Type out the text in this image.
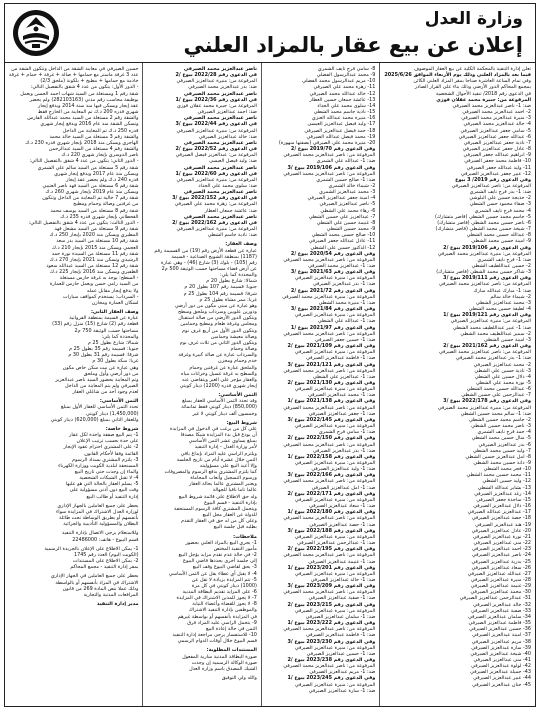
وزارة العدل
إعلان عن بيع عقار بالمزاد العلني
تعلن إدارة التنفيذ بالمحكمة الكلية عن بيع العقار الموصوف
فيما بعد بالمزاد العلني وذلك يوم الأربعاء الموافق 2025/6/26
وفي تمام الساعة العاشرة صباحا بمقر المزاد العلني الكائن
بمجمع المحاكم الدور الأرضي وذلك بناء على القرار الصادر
في الدعوى رقم 2018/ تنفيذ الأحوال الشخصية
المرفوعة من: جبيرة محمد عقلان فوزي
ضد: 1- ناصر عبدالعزيز محمد الصيرفي
2- احمد عبدالعزيز محمد الصيرفي
3- منيرة عبدالعزيز محمد الصيرفي
4- خالد عبدالعزيز محمد الصيرفي
5- سامي جعفر عبدالعزيز الصيرفي
6- عبدالله جعفر عبدالعزيز الصيرفي
7- نادية جعفر عبدالعزيز الصيرفي
8- عادل جعفر عبدالعزيز الصيرفي
9- ابراهيم عبدالله جعفر الصيرفي
10- فاطمة محمد جعفر الصيرفي
11- وليد عبدالله جعفر الصيرفي
12- عبير جعفر عبدالعزيز الصيرفي
وفي الدعوى رقم 2019/ 3 بيوع
المرفوعة من: ناصر عبدالعزيز الصيرفي
ضد: 1- بدر فرج نايف الشمري
2- خديجة حسين علي البلوشي
3- صفاء محمود حسن الشطي
4- محمد فرج نايف الشمري
5- جاسم محمد حسين الشطي (قاصر متشارك)
6- ناصر حسين محمد الشطي (قاصر متشارك)
7- شيخة حسين محمد الشطي (قاصر متشارك)
8- عبدالله حسين محمد الشطي
9- امينة حسين محمد الشطي
وفي الدعوى رقم 2019/106 بيوع /2
المرفوعة من: منيرة عبدالعزيز محمد الصيرفي
ضد: 1- فرج نايف الشمري
2- حسين عبداللطيف الشطي
3- شاكر حسين محمد الشطي (قاصر متشارك)
وفي الدعوى رقم 2019/111 بيوع /3
المرفوعة من: ناصر عبدالعزيز محمد الصيرفي
ضد: 1- مبارك عبدالله مبارك
2- شيماء خالد سالم
3- محمد عبدالعزيز الشطي
4- لطيفة حسين محمد الشطي
وفي الدعوى رقم 2019/121 بيوع /1
المرفوعة من: منيرة عبدالعزيز الصيرفي
ضد: 1- عبير عبداللطيف محمد الشطي
2- سمير عبداللطيف محمد الشطي
3- امينة حسين الشطي
وفي الدعوى رقم 2021/162 بيوع /2
المرفوعة من: ناصر عبدالعزيز محمد الصيرفي
ضد: 1- بدر عبدالعزيز محمد الصيرفي
2- محمد عبدالعزيز الصيرفي
3- نادية حسين علي الشطي
4- دلال حسين علي الشطي
5- نورة محمد علي الشطي
6- عبدالله حسين محمد الشطي
7- عبدالرحمن علي حسين الشطي
وفي الدعوى رقم 2022/178 بيوع /3
المرفوعة من: منيرة عبدالعزيز محمد الصيرفي
ضد: 1- سالم محمد حسين الشطي
2- جاسم محمد حسين الشطي
3- ناصر محمد حسين الشطي
4- حمد فرج نايف الشمري
5- منال حسين محمد الشطي
6- بدر عبدالعزيز الصيرفي
7- وليد حسين محمد الشطي
8- امل عبدالعزيز حسين الشطي
9- دانة حسين محمد الشطي
10- فجر محمد الشطي
11- محمد حسين محمد الشطي
12- وليد حسين الشطي
13- بشاير عبدالله الشطي
14- رغد عبدالعزيز الصيرفي
15- ساجدة جعفر الصيرفي
16- دلال عبدالعزيز الصيرفي
17- عبدالعزيز عبدالله الصيرفي
18- حصة عبدالعزيز الصيرفي
19- هند عبدالعزيز الصيرفي
20- عادل عبدالعزيز الصيرفي
21- نورة عبدالعزيز الصيرفي
22- منى عبدالعزيز الصيرفي
23- احمد عبدالعزيز الصيرفي
24- ناصر عبدالعزيز الصيرفي
25- بدرية عبدالعزيز الصيرفي
26- سعاد عبدالعزيز الصيرفي
27- عبدالله عبدالعزيز الصيرفي
28- منيرة عبدالعزيز الصيرفي
29- غنيمة عبدالعزيز الصيرفي
30- محمد عبدالعزيز الصيرفي
31- عبدالرحمن عبدالعزيز الصيرفي
32- خالد عبدالعزيز الصيرفي
33- صفية عبدالعزيز الصيرفي
34- سلمان عبدالعزيز الصيرفي
35- فاطمة عبدالعزيز الصيرفي
36- حسين عبدالعزيز الصيرفي
37- امينة عبدالعزيز الصيرفي
38- مريم عبدالعزيز الصيرفي
39- سارة عبدالعزيز الصيرفي
40- شيخة عبدالعزيز الصيرفي
41- منى عبدالعزيز الصيرفي
42- لولوة عبدالعزيز الصيرفي
43- جميلة عبدالعزيز الصيرفي
44- عبير عبدالعزيز الصيرفي
45- حنان عبدالعزيز الصيرفي
8- سامي فرج نايف الشمري
9- محمد عبدالرسول الفضلي
10- مريم عبدالرسول محمد الفضلي
11- زهرة محمد علي الصيرفي
12- خالد عبدالله محمد الصيرفي
13- عائشة جمعان حسين العطار
14- سلوى محمد علي الحداد
15- نادية جاسم محمد الشطي
16- منيرة محمد عبدالله العنزي
17- وليد فيصل عبدالعزيز العيسى
18- حمد فيصل عبدالعزيز الصيرفي
19- محمد فيصل عبدالله الصيرفي
20- منيرة محمد علي الصيرفي (بصفتها منهورة)
وفي الدعوى رقم 2019/70 بيوع /2
المرفوعة من: ناصر عبدالعزيز محمد الصيرفي
ضد: 1- عبدالله علي الشمري
وفي الدعوى رقم 2019/106 بيوع /3
المرفوعة من: ناصر عبدالعزيز محمد الصيرفي
ضد: 1- صالح حسين الشمري
2- شيماء خالد الشمري
3- محمد عبدالعزيز الشمري
4- امينة جعفر عبدالعزيز الصيرفي
5- ناصر عبدالعزيز الصيرفي
6- رهاء محمد علي الشطي
7- عبدالعزيز علي حسين الشطي
8- غنيمة حسين علي الشطي
9- محمد حسين الشطي
10- صالح حسين محمد الشطي
11- عادل عبدالله جعفر الصيرفي
12- الدكتور حسين علي الشطي
وفي الدعوى رقم 2020/54 بيوع /2
المرفوعة من: ناصر عبدالعزيز محمد الصيرفي
ضد: 1- عبدالعزيز محمد الصيرفي
وفي الدعوى رقم 2021/63 بيوع /3
المرفوعة من: منيرة عبدالعزيز الصيرفي
ضد: 1- بدر عبدالعزيز الصيرفي
وفي الدعوى رقم 2021/72 بيوع /2
المرفوعة من: منيرة عبدالعزيز محمد الصيرفي
ضد: 1- منيرة محمد الشطي
وفي الدعوى رقم 2021/84 بيوع /3
المرفوعة من: منيرة عبدالعزيز الصيرفي
ضد: 1- عبدالله علي الشطي
وفي الدعوى رقم 2021/97 بيوع /1
المرفوعة من: ناصر عبدالعزيز محمد الصيرفي
ضد: 1- حسين جعفر الصيرفي
وفي الدعوى رقم 2021/109 بيوع /2
المرفوعة من: منيرة عبدالعزيز الصيرفي
ضد: 1- فاطمة عبدالعزيز الصيرفي
وفي الدعوى رقم 2021/121 بيوع /3
المرفوعة من: ناصر عبدالعزيز محمد الصيرفي
ضد: 1- عبدالعزيز علي الشطي
وفي الدعوى رقم 2021/130 بيوع /2
المرفوعة من: منيرة عبدالعزيز الصيرفي
ضد: 1- محمد عبدالعزيز الصيرفي
وفي الدعوى رقم 2021/138 بيوع /1
المرفوعة من: ناصر عبدالعزيز محمد الصيرفي
ضد: 1- جعفر عبدالعزيز الصيرفي
وفي الدعوى رقم 2022/145 بيوع /3
المرفوعة من: منيرة عبدالعزيز الصيرفي
ضد: 1- سامي فرج الشمري
وفي الدعوى رقم 2022/150 بيوع /2
المرفوعة من: ناصر عبدالعزيز محمد الصيرفي
ضد: 1- بدر عبدالعزيز الصيرفي
وفي الدعوى رقم 2022/158 بيوع /1
المرفوعة من: منيرة عبدالعزيز الصيرفي
ضد: 1- وليد عبدالعزيز الصيرفي
وفي الدعوى رقم 2022/166 بيوع /3
المرفوعة من: ناصر عبدالعزيز محمد الصيرفي
ضد: 1- امل عبدالعزيز الصيرفي
وفي الدعوى رقم 2022/171 بيوع /2
المرفوعة من: منيرة عبدالعزيز الصيرفي
ضد: 1- سعاد عبدالعزيز الصيرفي
وفي الدعوى رقم 2022/180 بيوع /1
المرفوعة من: ناصر عبدالعزيز محمد الصيرفي
ضد: 1- حصة عبدالعزيز الصيرفي
وفي الدعوى رقم 2022/188 بيوع /3
المرفوعة من: منيرة عبدالعزيز الصيرفي
ضد: 1- عبدالرحمن عبدالعزيز الصيرفي
وفي الدعوى رقم 2022/195 بيوع /2
المرفوعة من: ناصر عبدالعزيز محمد الصيرفي
ضد: 1- غنيمة عبدالعزيز الصيرفي
وفي الدعوى رقم 2023/201 بيوع /1
المرفوعة من: منيرة عبدالعزيز الصيرفي
ضد: 1- خالد عبدالعزيز الصيرفي
وفي الدعوى رقم 2023/209 بيوع /3
المرفوعة من: ناصر عبدالعزيز محمد الصيرفي
ضد: 1- صفية عبدالعزيز الصيرفي
وفي الدعوى رقم 2023/215 بيوع /2
المرفوعة من: منيرة عبدالعزيز الصيرفي
ضد: 1- سلمان عبدالعزيز الصيرفي
وفي الدعوى رقم 2023/222 بيوع /1
المرفوعة من: ناصر عبدالعزيز محمد الصيرفي
ضد: 1- فاطمة عبدالعزيز الصيرفي
وفي الدعوى رقم 2023/230 بيوع /3
المرفوعة من: منيرة عبدالعزيز الصيرفي
ضد: 1- حسين عبدالعزيز الصيرفي
وفي الدعوى رقم 2023/238 بيوع /2
المرفوعة من: ناصر عبدالعزيز محمد الصيرفي
ضد: 1- مريم عبدالعزيز الصيرفي
وفي الدعوى رقم 2023/245 بيوع /1
المرفوعة من: منيرة عبدالعزيز الصيرفي
ضد: 1- سارة عبدالعزيز الصيرفي
ناصر عبدالعزيز محمد الصيرفي
في الدعوى رقم 2022/28 بيوع /2
المرفوعة من: منيرة عبدالعزيز الصيرفي
ضد: بدر عبدالعزيز محمد الصيرفي
ناصر عبدالعزيز محمد الصيرفي
في الدعوى رقم 2022/36 بيوع /1
المرفوعة من: جبيرة محمد عقلان فوزي
ضد: احمد عبدالعزيز الصيرفي
ناصر عبدالعزيز محمد الصيرفي
في الدعوى رقم 2022/44 بيوع /3
المرفوعة من: منيرة عبدالعزيز الصيرفي
ضد: خالد عبدالعزيز الصيرفي
ناصر عبدالعزيز محمد الصيرفي
في الدعوى رقم 2022/52 بيوع /2
المرفوعة من: عبدالعزيز فيصل الصيرفي
ضد: وليد فيصل العيسى
ناصر عبدالعزيز محمد الصيرفي
في الدعوى رقم 2022/60 بيوع /1
المرفوعة من: منيرة عبدالعزيز الصيرفي
ضد: سلوى محمد علي الحداد
ناصر عبدالعزيز محمد الصيرفي
في الدعوى رقم 2022/152 بيوع /3
المرفوعة من: زهرة محمد علي الصيرفي
ضد: عائشة جمعان العطار
ناصر عبدالعزيز محمد الصيرفي
في الدعوى رقم 2022/162 بيوع /2
المرفوعة من: منيرة عبدالعزيز الصيرفي
ضد: نادية جاسم الشطي
وصف العقار:
عبارة عن قطعة الأرض رقم (19) من القسيمة رقم
(1187) بمنطقة الشويخ الصناعية - قسيمة
رقم (105) - بلوك (3) شارع (46) - وهي عبارة
عن أرض فضاء مساحتها حسب الوثيقة 500 م2
والمحددة كما يلي:
شمالا: شارع بطول 20 م
جنوبا: قسيمة رقم 107 بطول 20 م
شرقا: قسيمة رقم 104 بطول 25 م
غربا: ممر مشاة بطول 25 م
وهو عبارة عن مبنى مكون من دور أرضي
ودورين علويين وسرداب وملحق وسطح
ويتكون الدور الأرضي من صالة استقبال
ومجلس وغرفة طعام ومطبخ وحمامين
ويتكون الدور الأول من أربع غرف نوم
وصالة معيشة وحمامين
ويتكون الدور الثاني من ثلاث غرف نوم
وصالة وحمام
والسرداب عبارة عن صالة كبيرة وغرفة
خدم وحمام ومخزن
والملحق عبارة عن غرفتين وحمام
والسطح به غرفة غسيل وخزانات مياه
والعقار مؤجر على الغير ويتقاضى عنه
إيجار شهري قدره (1200) دينار كويتي
الثمن الأساسي:
وقد تحدد الثمن الأساسي للعقار بمبلغ
(850,000) دينار كويتي فقط ثمانمائة
وخمسون ألف دينار كويتي لا غير
شروط البيع:
على كل من يرغب في الدخول في المزايدة
أن يودع قبل بدء المزايدة شيكا مصدقا
بمبلغ يساوي عشر الثمن الأساسي
لأمر وزارة العدل - إدارة التنفيذ
ويلتزم الراسي عليه المزاد بإيداع باقي
الثمن خلال عشرة أيام من تاريخ الجلسة
وإلا أعيد البيع على مسؤوليته
كما يلتزم المشتري بدفع الرسوم والمصروفات
ورسوم التسجيل وأتعاب المحاماة
ويعتبر المشتري عالما بحالة العقار
عالما تاما نافيا للجهالة
وله حق الاطلاع على قائمة شروط البيع
بإدارة التنفيذ - قسم البيوع
ويتحمل المشتري كافة الرسوم المستحقة
للدولة عن العقار محل البيع
وعلى كل من له حق في العقار التقدم
بطلبه قبل جلسة البيع
ملاحظات:
1- يجري البيع بالمزاد العلني بحضور
مأمور التنفيذ المختص
2- في حالة عدم تقدم مزايد يؤجل البيع
إلى جلسة أخرى يحددها قاضي البيوع
3- يحق لقاضي البيوع وقف البيع
4- لا يقبل أي عطاء يقل عن الثمن الأساسي
5- تتم المزايدة بزيادة لا تقل عن
(1000) دينار كويتي في كل مرة
6- على المزايد تقديم البطاقة المدنية
7- لا يجوز للمدين الاشتراك في المزايدة
8- لا يجوز للقضاة وأعضاء النيابة
والموظفين بإدارة التنفيذ الاشتراك
في المزايدة بأنفسهم أو بواسطة غيرهم
9- يتحمل الراسي عليه المزاد فرق
الثمن في حالة إعادة البيع
10- للاستفسار يرجى مراجعة إدارة التنفيذ
قسم البيوع خلال أوقات الدوام الرسمي
المستندات المطلوبة:
صورة البطاقة المدنية سارية المفعول
صورة الوكالة الرسمية إن وجدت
الشيك المصدق باسم وزارة العدل
والله ولي التوفيق
حسين الصيرفي في معاينة الشقة من الداخل وتتكون الشقة من
عدد 3 غرفة ماستر مع حمامها + صالة + غرفة + حمام + غرفة
خادمة مع حمامها + مطبخ + بلكونة (ملحق 2/3)
- الدور الأول: يتكون من عدد 4 شقق بالتفصيل التالي:
شقة رقم 1 ومستغلة من السيد شهاب احمد الحسن ويعمل
بوظيفة محاسب رقم مدني (282103163) ولم يحضر
عقد إيجار ويسكن فيها منذ سنة 2014 ويدفع إيجار
شهري قدره 200 د.ك تم المعاينة من الخارج فقط
والشقة رقم 2 مستغلة من السيد محمد عبدالله الفارس
وتسكن الشقة منذ عام 2016 ويدفع إيجار شهري
قدره 250 د.ك تم المعاينة من الداخل
والشقة رقم 3 مستغلة من السيد خالد محمد
الهاجري ويسكن منذ 2018 بإيجار شهري قدره 230 د.ك
والشقة رقم 4 مستغلة من السيد عبدالرحمن
ناصر الدوسري بإيجار شهري 220 د.ك
- الدور الثاني: يتكون من عدد 4 شقق بالتفصيل التالي:
شقة رقم 5 مستغلة من السيد سالم علي الشمري
ويسكن منذ عام 2017 ويدفع إيجار شهري
قدره 240 د.ك ولم يحضر عقد إيجار
شقة رقم 6 مستغلة من السيد فهد ناصر العتيبي
ويسكن منذ عام 2019 بإيجار شهري 260 د.ك
شقة رقم 7 خالية تم المعاينة من الداخل وتتكون
من غرفتين وصالة وحمام ومطبخ
شقة رقم 8 مستغلة من السيد يوسف محمد
القحطاني بإيجار شهري قدره 235 د.ك
- الدور الثالث: يتكون من عدد 4 شقق بالتفصيل التالي:
شقة رقم 9 مستغلة من السيد مشعل فهد
المطيري ويسكن منذ 2020 بإيجار 250 د.ك
شقة رقم 10 مستغلة من السيد بدر سعد
العجمي ويسكن منذ 2015 بإيجار 210 د.ك
شقة رقم 11 مستغلة من السيدة نورة حمد
الرشيدي وتسكن منذ 2021 بإيجار 270 د.ك
شقة رقم 12 مستغلة من السيد عبدالله سعود
الظفيري ويسكن منذ 2016 بإيجار 225 د.ك
- السطح: يوجد به غرفة حارس مستغلة
من السيد رامي حسن ويعمل حارس للعمارة
ولا يدفع إيجار مقابل عمله
- السرداب: يستخدم كمواقف سيارات
لسكان العمارة ومخازن
وصف العقار الثاني:
عبارة عن قسيمة بمنطقة الفروانية
قطعة رقم (2) شارع (15) منزل رقم (33)
مساحتها حسب الوثيقة 750 م2
والمحددة كما يلي:
شمالا: شارع بطول 25 م
جنوبا: قسيمة رقم 35 بطول 25 م
شرقا: قسيمة رقم 31 بطول 30 م
غربا: سكة بطول 30 م
وهي عبارة عن بيت سكن خاص مكون
من دور أرضي وأول وملحق
وتم المعاينة بحضور السيد ناصر عبدالعزيز
الصيرفي ولم يتم المعاينة من الداخل
لعدم وجود أحد من شاغلي العقار
الثمن الأساسي:
تحدد الثمن الأساسي للعقار الأول بمبلغ
(1,450,000) دينار كويتي
وللعقار الثاني بمبلغ (620,000) دينار كويتي
شروط خاصة:
1- يتم البيع صفقة واحدة لكل عقار
على حدة بحسب ترتيب الإعلان
2- على المشتري احترام عقود الإيجار
القائمة وفقا لأحكام القانون
3- يلتزم المشتري بسداد الرسوم
المستحقة لبلدية الكويت ووزارة الكهرباء
والماء إن وجدت حتى تاريخ البيع
4- لا تقبل الشيكات الشخصية
5- يسلم العقار بالحالة التي هو عليها
وقت البيع دون أدنى مسؤولية على
إدارة التنفيذ أو طالب البيع
يحظر على جميع العاملين بالجهاز الإداري
لوزارة العدل الاشتراك في المزايدة سواء
بأنفسهم أو بطريق الوساطة تحت طائلة
البطلان والمسؤولية التأديبية والجزائية
وللاستعلام يرجى الاتصال بإدارة التنفيذ
قسم البيوع - هاتف: 22486000
1- يمكن الاطلاع على الإعلان بالجريدة الرسمية
(الكويت اليوم) العدد رقم 1745
2- يمكن الاطلاع على المستندات
بمقر إدارة التنفيذ - مجمع المحاكم
يحظر على جميع العاملين في الجهاز الإداري
الاشتراك في المزاد بأنفسهم أو بالواسطة
وذلك عملا بنص المادة 269 من قانون
المرافعات المدنية والتجارية
مدير إدارة التنفيذ
